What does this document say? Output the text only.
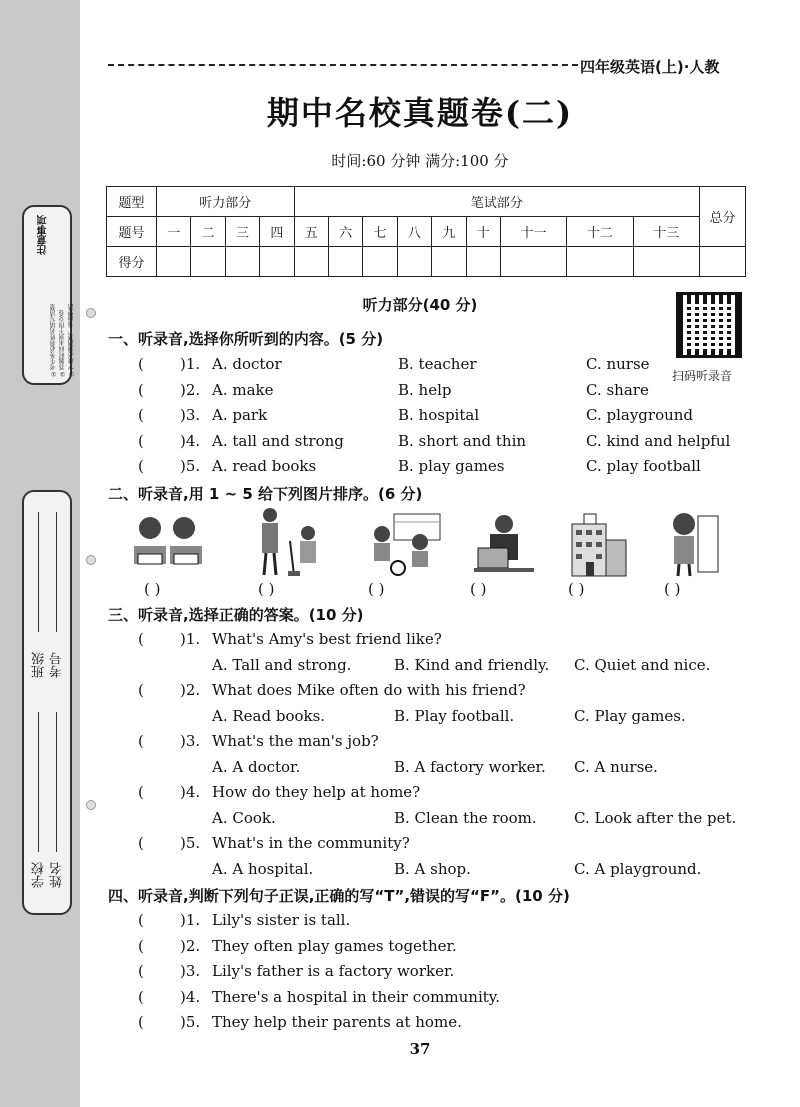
注意事项
①考生务必将姓名填写清楚 ②答题时间未到不得交卷 ③字迹必须清楚，卷面整洁
学校 姓名
班级 考号
四年级英语(上)·人教
期中名校真题卷(二)
时间:60 分钟 满分:100 分
题型	听力部分				笔试部分									总分
题号	一	二	三	四	五	六	七	八	九	十	十一	十二	十三	
得分														
听力部分(40 分)
扫码听录音
一、听录音,选择你所听到的内容。(5 分)
( )1. A. doctor	B. teacher	C. nurse
( )2. A. make	B. help	C. share
( )3. A. park	B. hospital	C. playground
( )4. A. tall and strong	B. short and thin	C. kind and helpful
( )5. A. read books	B. play games	C. play football
二、听录音,用 1 ~ 5 给下列图片排序。(6 分)
( )	( )	( )	( )	( )	( )
三、听录音,选择正确的答案。(10 分)
( )1. What's Amy's best friend like?
A. Tall and strong.	B. Kind and friendly. C. Quiet and nice.
( )2. What does Mike often do with his friend?
A. Read books.	B. Play football.	C. Play games.
( )3. What's the man's job?
A. A doctor.	B. A factory worker. C. A nurse.
( )4. How do they help at home?
A. Cook.	B. Clean the room. C. Look after the pet.
( )5. What's in the community?
A. A hospital.	B. A shop.	C. A playground.
四、听录音,判断下列句子正误,正确的写“T”,错误的写“F”。(10 分)
( )1. Lily's sister is tall.
( )2. They often play games together.
( )3. Lily's father is a factory worker.
( )4. There's a hospital in their community.
( )5. They help their parents at home.
37
